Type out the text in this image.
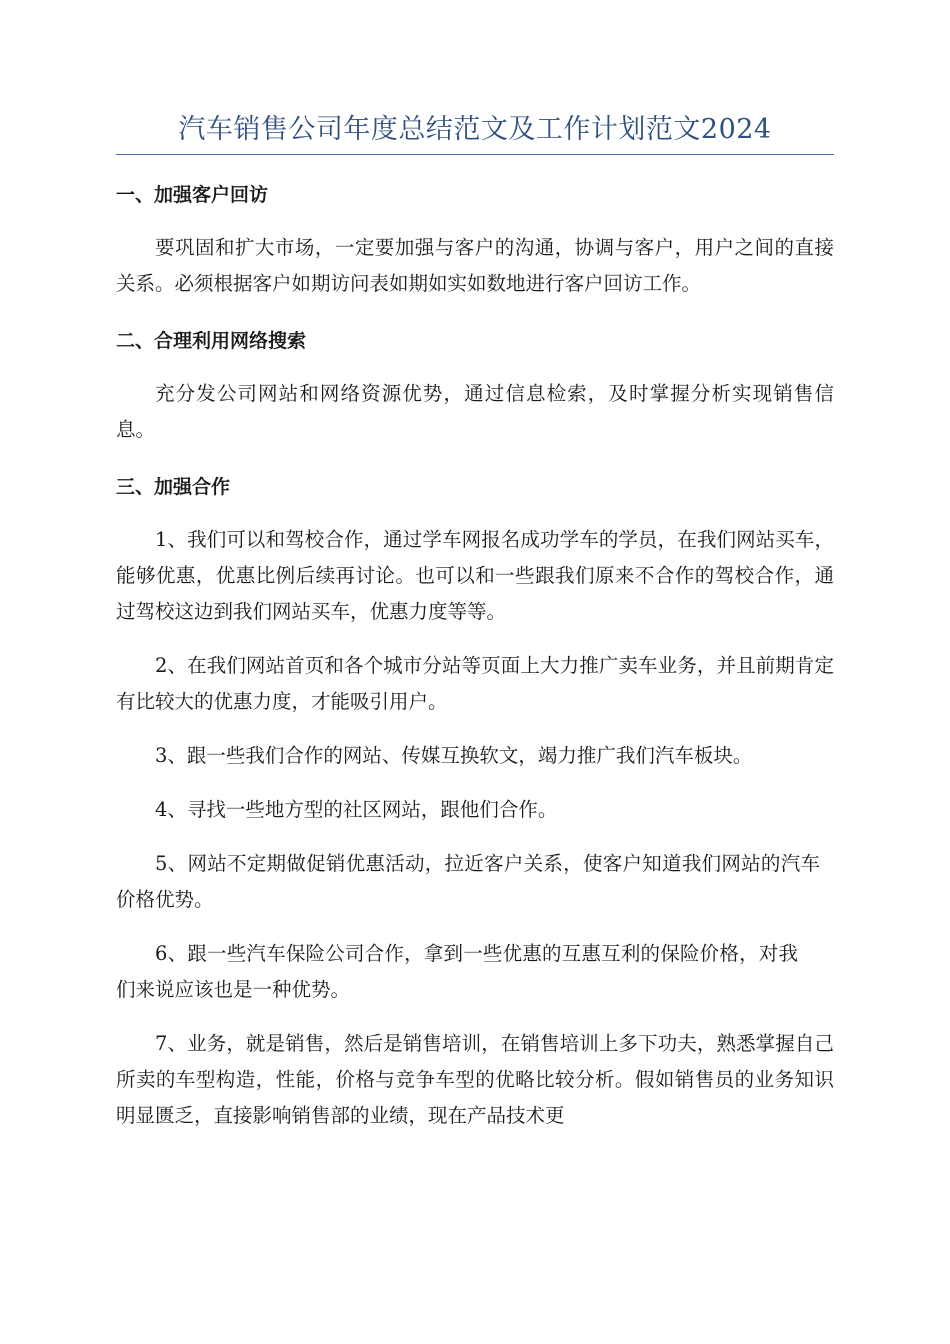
汽车销售公司年度总结范文及工作计划范文2024
一、加强客户回访

要巩固和扩大市场，一定要加强与客户的沟通，协调与客户，用户之间的直接关系。必须根据客户如期访问表如期如实如数地进行客户回访工作。

二、合理利用网络搜索

充分发公司网站和网络资源优势，通过信息检索，及时掌握分析实现销售信息。

三、加强合作

1、我们可以和驾校合作，通过学车网报名成功学车的学员，在我们网站买车，能够优惠，优惠比例后续再讨论。也可以和一些跟我们原来不合作的驾校合作，通过驾校这边到我们网站买车，优惠力度等等。

2、在我们网站首页和各个城市分站等页面上大力推广卖车业务，并且前期肯定有比较大的优惠力度，才能吸引用户。

3、跟一些我们合作的网站、传媒互换软文，竭力推广我们汽车板块。

4、寻找一些地方型的社区网站，跟他们合作。

5、网站不定期做促销优惠活动，拉近客户关系，使客户知道我们网站的汽车价格优势。

6、跟一些汽车保险公司合作，拿到一些优惠的互惠互利的保险价格，对我们来说应该也是一种优势。

7、业务，就是销售，然后是销售培训，在销售培训上多下功夫，熟悉掌握自己所卖的车型构造，性能，价格与竞争车型的优略比较分析。假如销售员的业务知识明显匮乏，直接影响销售部的业绩，现在产品技术更
